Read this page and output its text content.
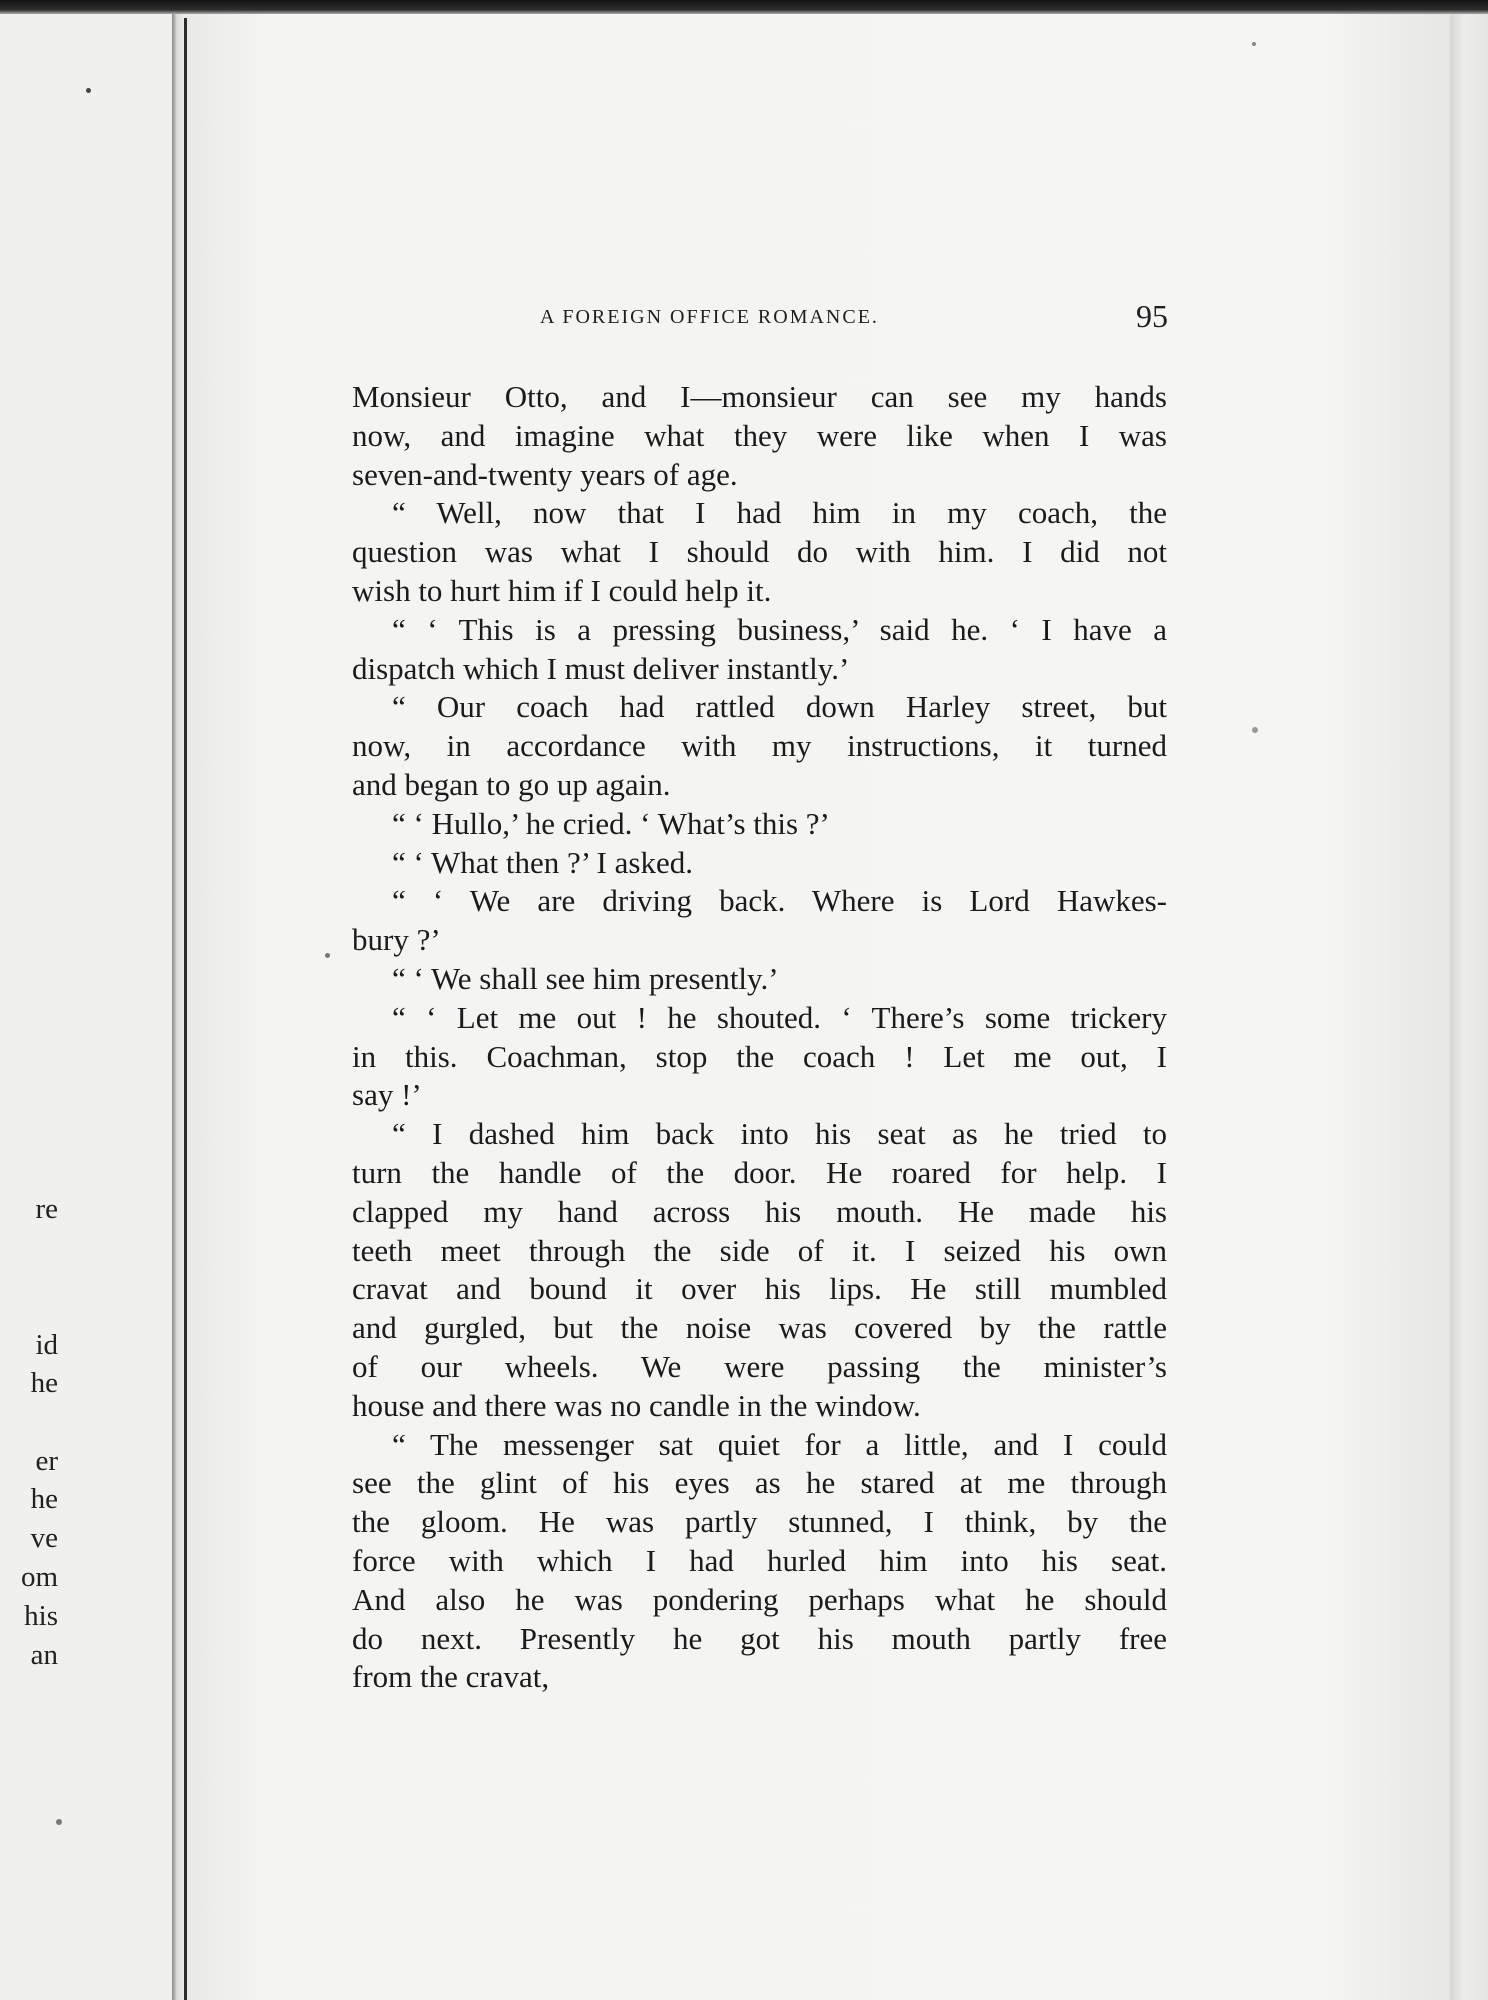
re
id
he
er
he
ve
om
his
an
A FOREIGN OFFICE ROMANCE.	95
Monsieur Otto, and I—monsieur can see my hands
now, and imagine what they were like when I was
seven-and-twenty years of age.
“ Well, now that I had him in my coach, the
question was what I should do with him. I did not
wish to hurt him if I could help it.
“ ‘ This is a pressing business,’ said he. ‘ I have a
dispatch which I must deliver instantly.’
“ Our coach had rattled down Harley street, but
now, in accordance with my instructions, it turned
and began to go up again.
“ ‘ Hullo,’ he cried. ‘ What’s this ?’
“ ‘ What then ?’ I asked.
“ ‘ We are driving back. Where is Lord Hawkes-
bury ?’
“ ‘ We shall see him presently.’
“ ‘ Let me out ! he shouted. ‘ There’s some trickery
in this. Coachman, stop the coach ! Let me out, I
say !’
“ I dashed him back into his seat as he tried to
turn the handle of the door. He roared for help. I
clapped my hand across his mouth. He made his
teeth meet through the side of it. I seized his own
cravat and bound it over his lips. He still mumbled
and gurgled, but the noise was covered by the rattle
of our wheels. We were passing the minister’s
house and there was no candle in the window.
“ The messenger sat quiet for a little, and I could
see the glint of his eyes as he stared at me through
the gloom. He was partly stunned, I think, by the
force with which I had hurled him into his seat.
And also he was pondering perhaps what he should
do next. Presently he got his mouth partly free
from the cravat,
